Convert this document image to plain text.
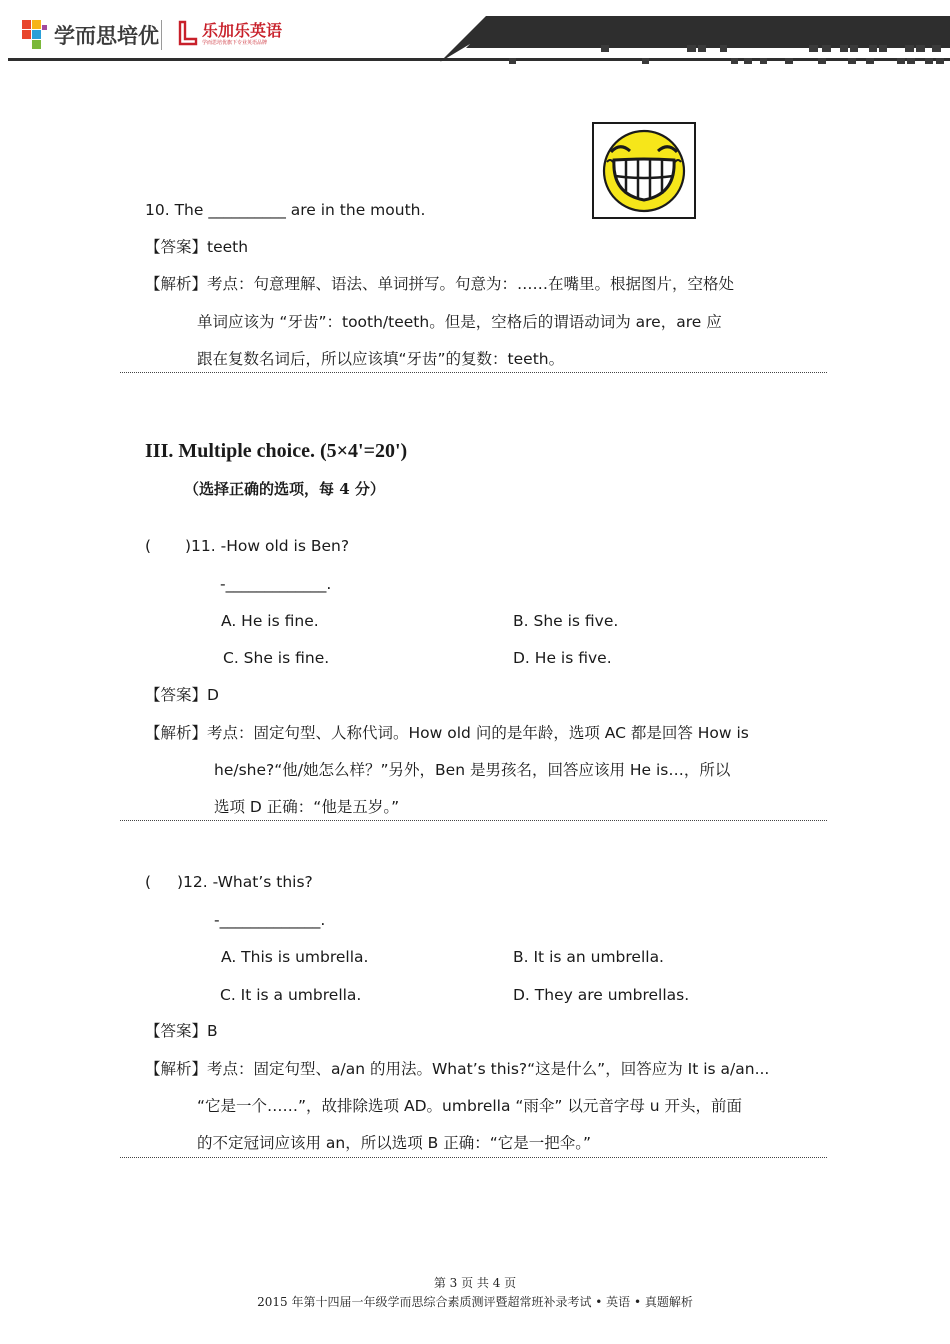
学而思培优	乐加乐英语
学而思培优旗下专业英语品牌
10. The __________ are in the mouth.
【答案】teeth
【解析】考点：句意理解、语法、单词拼写。句意为：……在嘴里。根据图片，空格处
单词应该为 “牙齿”：tooth/teeth。但是，空格后的谓语动词为 are，are 应
跟在复数名词后，所以应该填“牙齿”的复数：teeth。
III. Multiple choice. (5×4'=20')
（选择正确的选项，每 4 分）
( )11. -How old is Ben?
-_____________.
A. He is fine.	B. She is five.
C. She is fine.	D. He is five.
【答案】D
【解析】考点：固定句型、人称代词。How old 问的是年龄，选项 AC 都是回答 How is
he/she?“他/她怎么样？”另外，Ben 是男孩名，回答应该用 He is…，所以
选项 D 正确：“他是五岁。”
( )12. -What’s this?
-_____________.
A. This is umbrella.	B. It is an umbrella.
C. It is a umbrella.	D. They are umbrellas.
【答案】B
【解析】考点：固定句型、a/an 的用法。What’s this?“这是什么”，回答应为 It is a/an...
“它是一个……”，故排除选项 AD。umbrella “雨伞” 以元音字母 u 开头，前面
的不定冠词应该用 an，所以选项 B 正确：“它是一把伞。”
第 3 页 共 4 页
2015 年第十四届一年级学而思综合素质测评暨超常班补录考试 • 英语 • 真题解析
